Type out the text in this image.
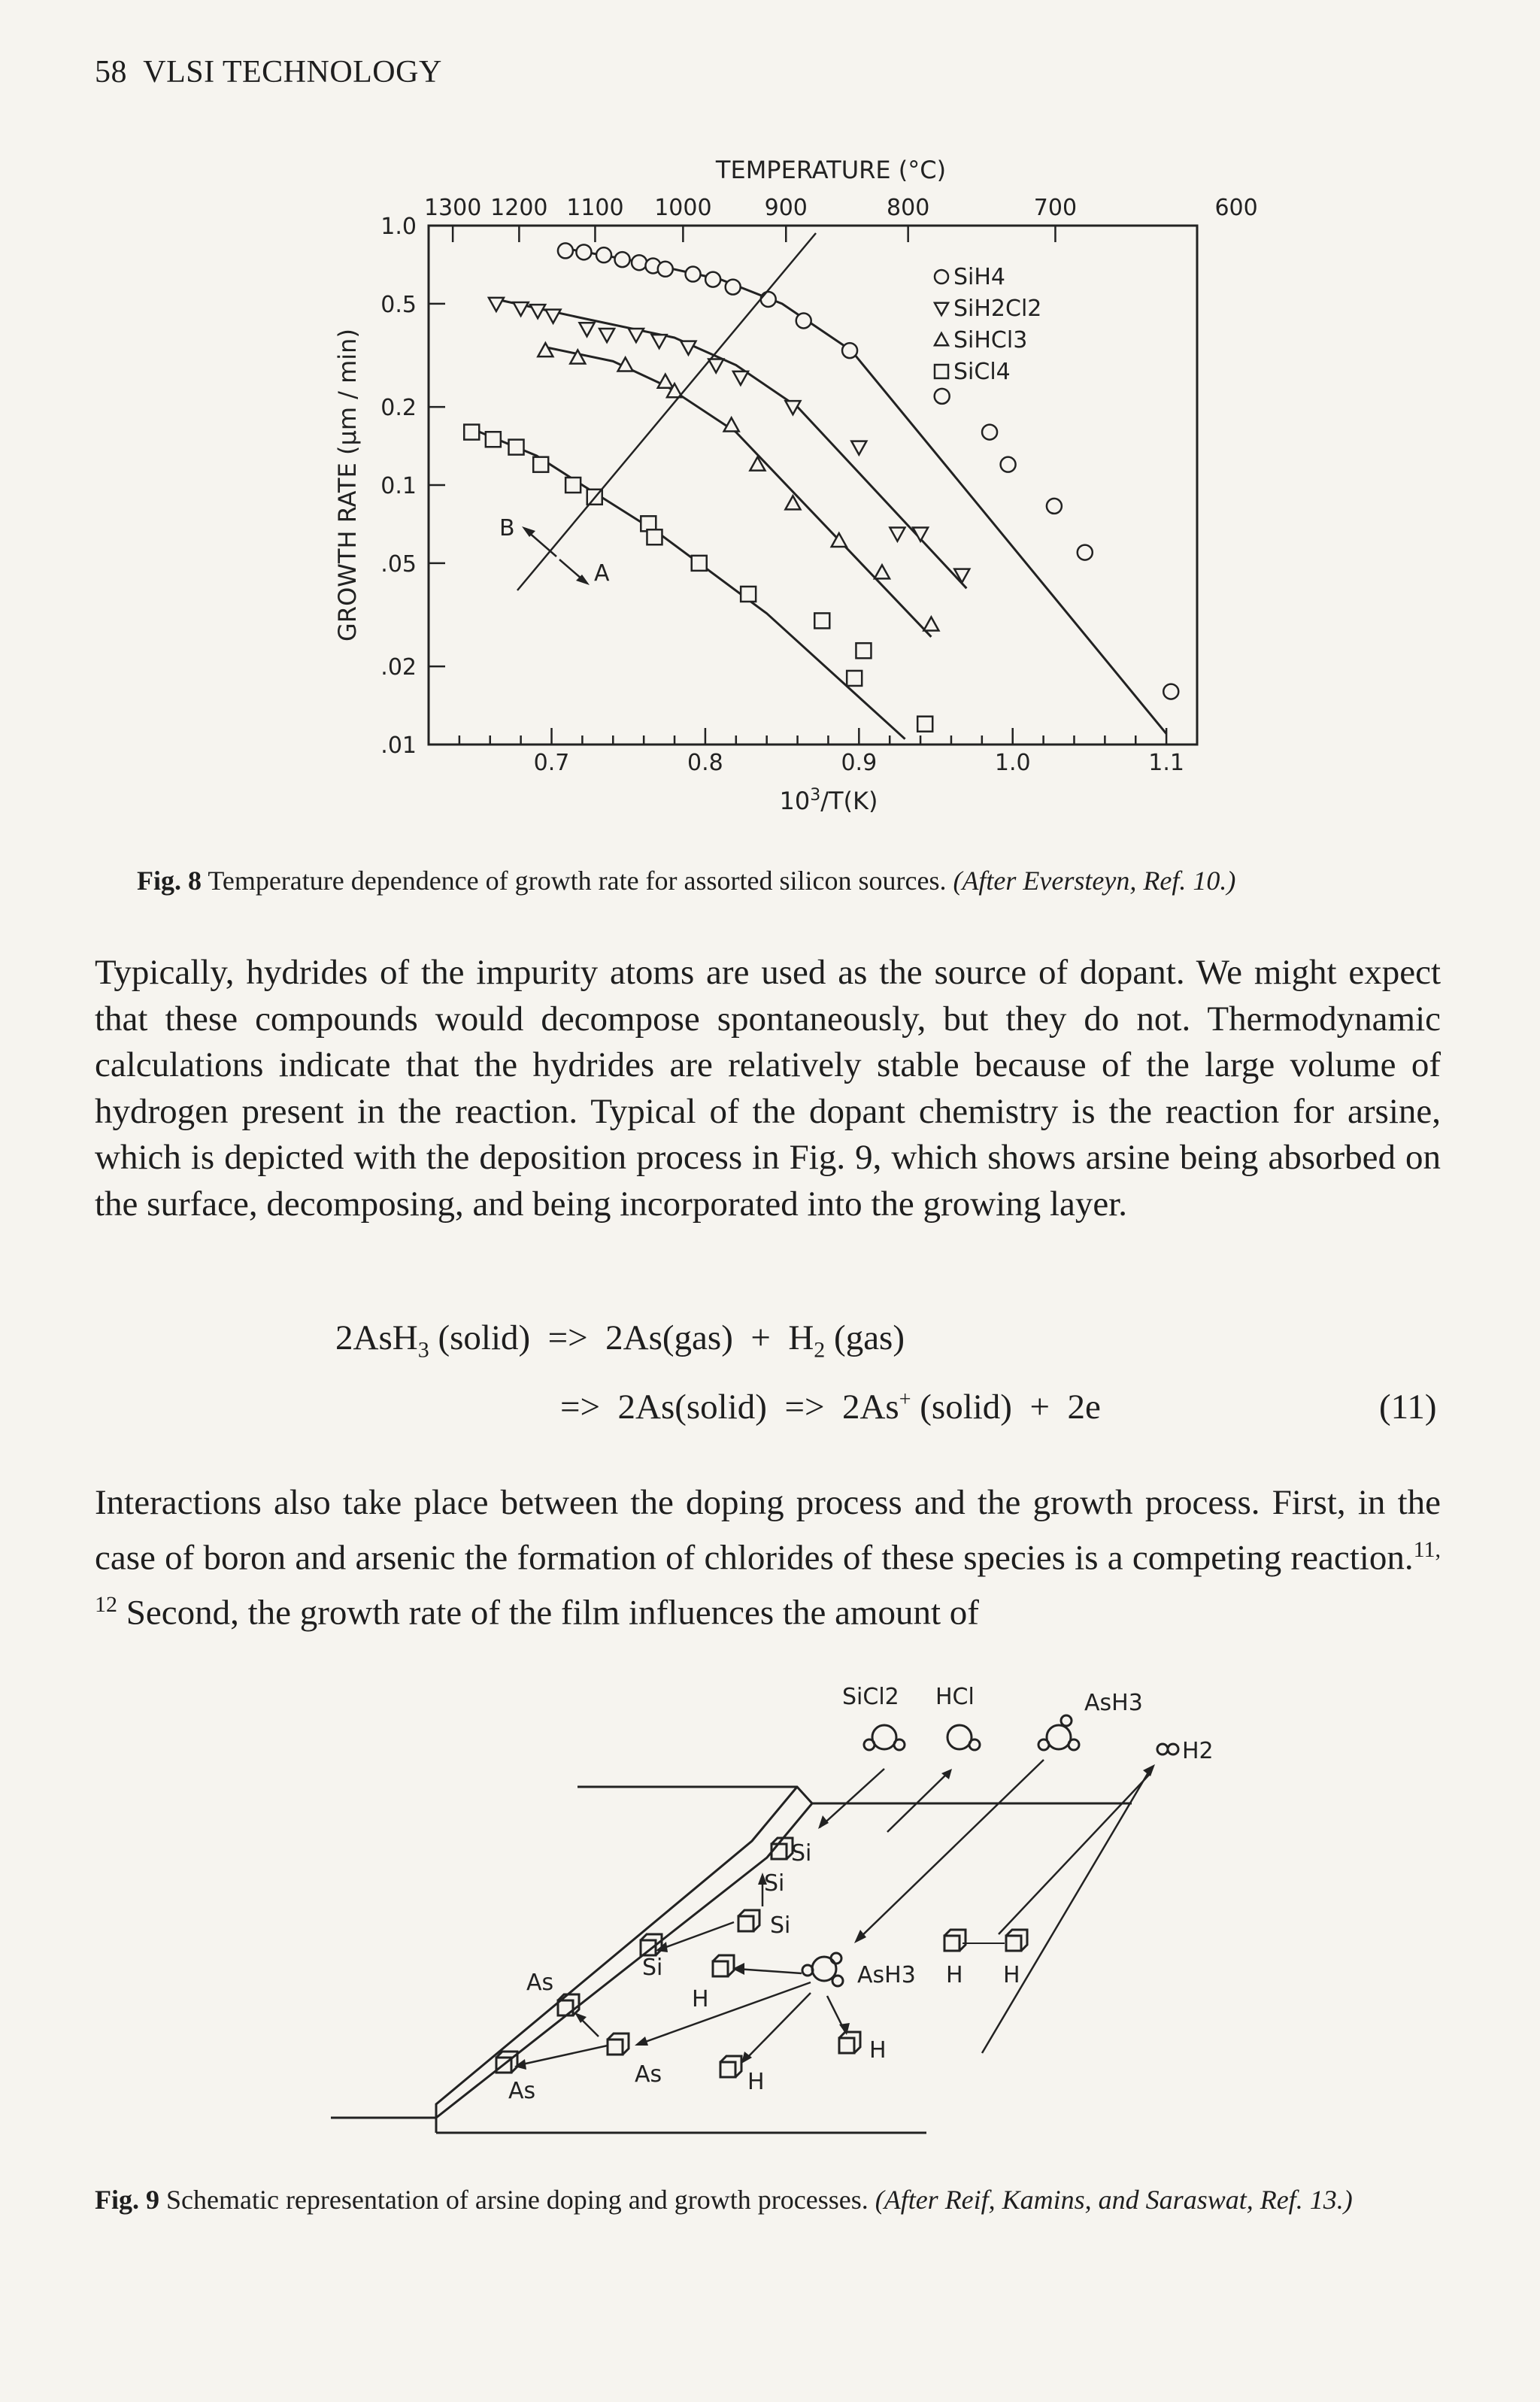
58 VLSI TECHNOLOGY
TEMPERATURE (°C)
GROWTH RATE (μm / min)
$10^3/T(K)$
0.7	0.8	0.9	1.0	1.1
1.0
0.5
0.2
0.1
.05
.02
.01
1300 1200 1100 1000 900	800	700	600
SiH4
SiH2Cl2
SiHCl3
SiCl4
B
A
Fig. 8 Temperature dependence of growth rate for assorted silicon sources. (After Eversteyn, Ref. 10.)
Typically, hydrides of the impurity atoms are used as the source of dopant. We might expect that these compounds would decompose spontaneously, but they do not. Thermodynamic calculations indicate that the hydrides are relatively stable because of the large volume of hydrogen present in the reaction. Typical of the dopant chemistry is the reaction for arsine, which is depicted with the deposition process in Fig. 9, which shows arsine being absorbed on the surface, decomposing, and being incorporated into the growing layer.
2AsH$_3$ (solid)  =>  $2As(gas) + H_2$ (gas)
=>  2As(solid)  =>  2As+ (solid)  +  2e	(11)
Interactions also take place between the doping process and the growth process. First, in the case of boron and arsenic the formation of chlorides of these species is a competing reaction.$^{11, 12}$ Second, the growth rate of the film influences the amount of
SiCl2 HCl	AsH3
H2
Si
Si
Si
Si	AsH3 H H
H
H
H
As
As
As
Fig. 9 Schematic representation of arsine doping and growth processes. (After Reif, Kamins, and Saraswat, Ref. 13.)
